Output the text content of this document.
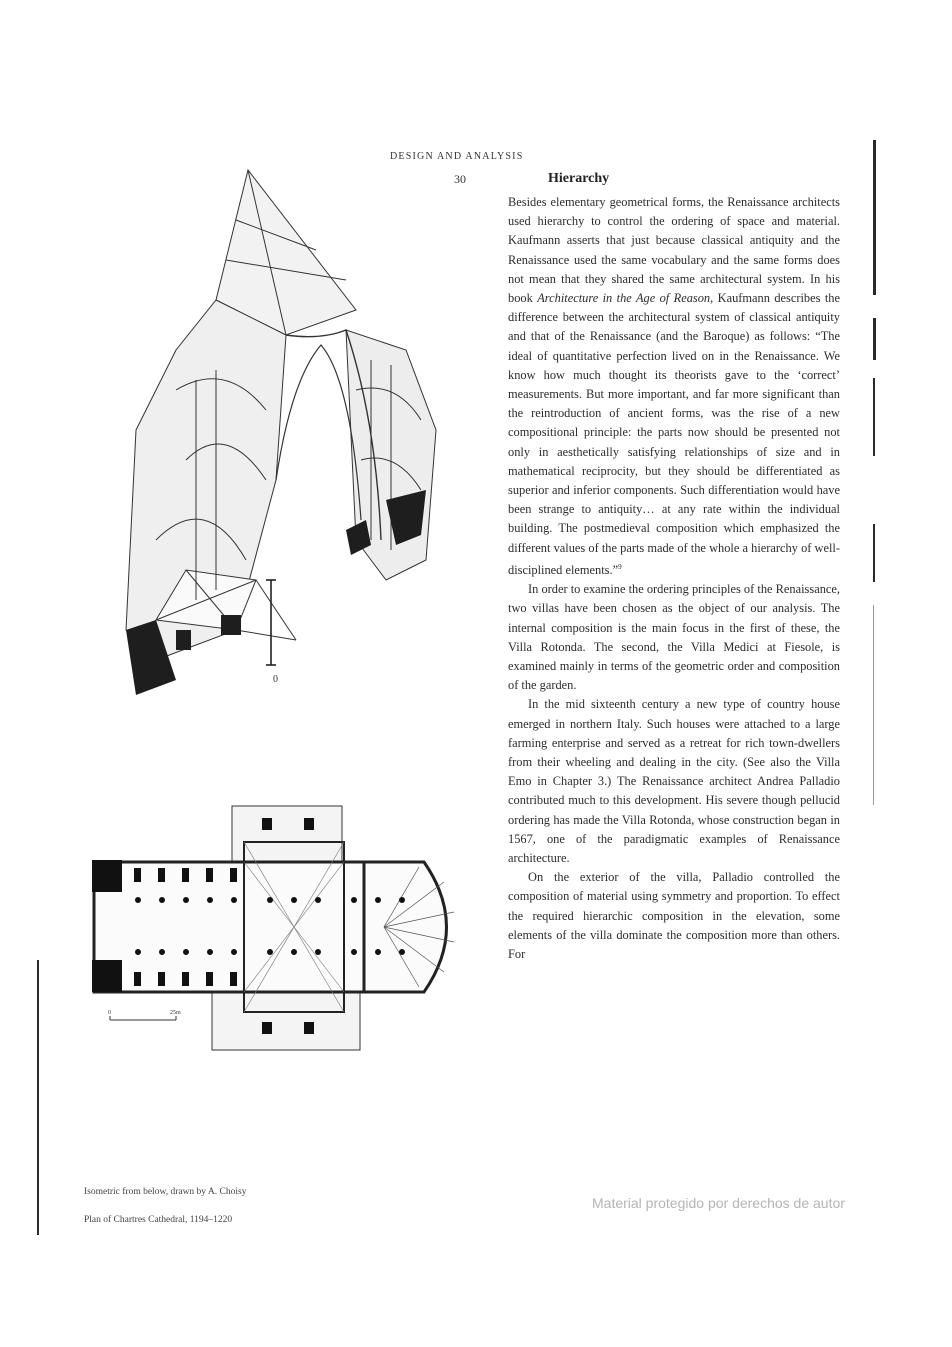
DESIGN AND ANALYSIS
30	Hierarchy

Besides elementary geometrical forms, the Renaissance architects used hierarchy to control the ordering of space and material. Kaufmann asserts that just because classical antiquity and the Renaissance used the same vocabulary and the same forms does not mean that they shared the same architectural system. In his book Architecture in the Age of Reason, Kaufmann describes the difference between the architectural system of classical antiquity and that of the Renaissance (and the Baroque) as follows: “The ideal of quantitative perfection lived on in the Renaissance. We know how much thought its theorists gave to the ‘correct’ measurements. But more important, and far more significant than the reintroduction of ancient forms, was the rise of a new compositional principle: the parts now should be presented not only in aesthetically satisfying relationships of size and in mathematical reciprocity, but they should be differentiated as superior and inferior components. Such differentiation would have been strange to antiquity… at any rate within the individual building. The postmedieval composition which emphasized the different values of the parts made of the whole a hierarchy of well-disciplined elements.”$^9$

In order to examine the ordering principles of the Renaissance, two villas have been chosen as the object of our analysis. The internal composition is the main focus in the first of these, the Villa Rotonda. The second, the Villa Medici at Fiesole, is examined mainly in terms of the geometric order and composition of the garden.

In the mid sixteenth century a new type of country house emerged in northern Italy. Such houses were attached to a large farming enterprise and served as a retreat for rich town-dwellers from their wheeling and dealing in the city. (See also the Villa Emo in Chapter 3.) The Renaissance architect Andrea Palladio contributed much to this development. His severe though pellucid ordering has made the Villa Rotonda, whose construction began in 1567, one of the paradigmatic examples of Renaissance architecture.

On the exterior of the villa, Palladio controlled the composition of material using symmetry and proportion. To effect the required hierarchic composition in the elevation, some elements of the villa dominate the composition more than others. For

0
0	25m
Isometric from below, drawn by A. Choisy
Plan of Chartres Cathedral, 1194–1220
Material protegido por derechos de autor
